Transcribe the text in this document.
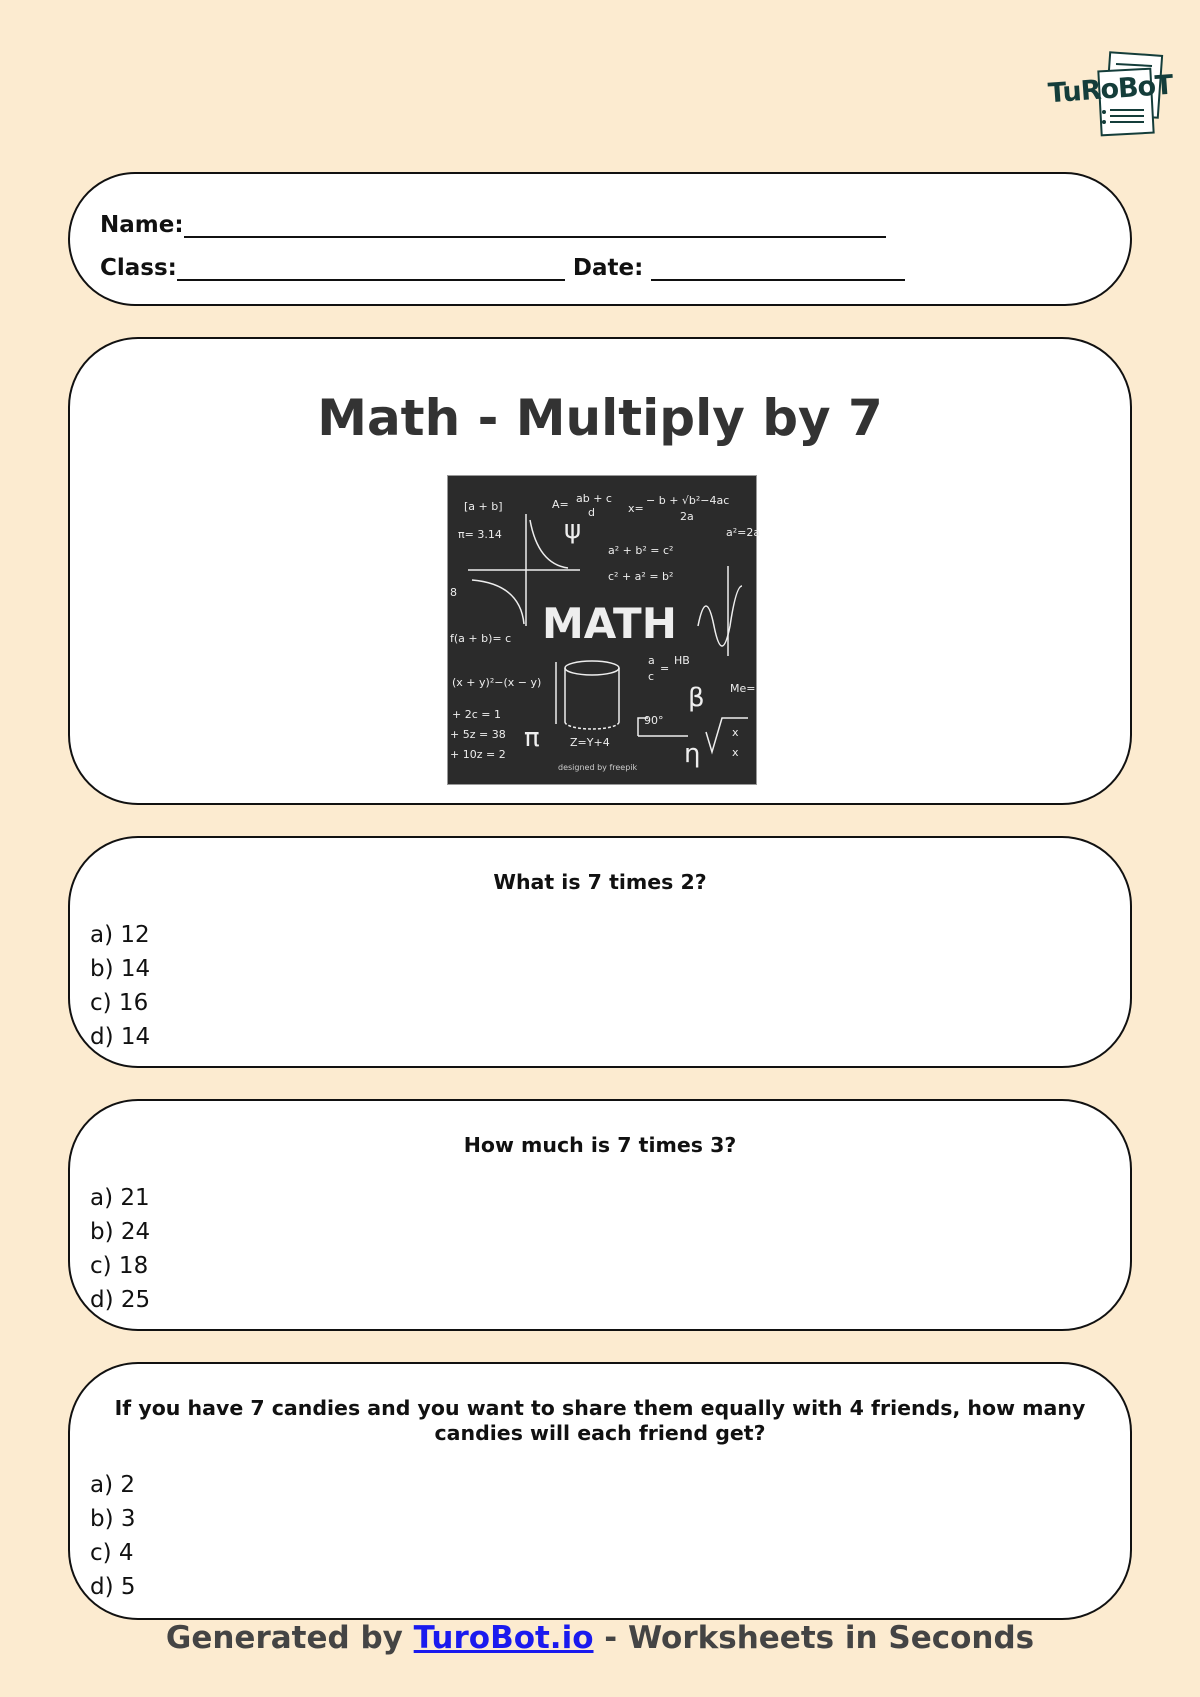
TuRoBoT
Name:
Class:	Date:
Math - Multiply by 7
[a + b]
π= 3.14
A= ab + c
d	x=
− b + √b²−4ac
2a
a²=2a
a² + b² = c²
c² + a² = b²
8
f(a + b)= c
(x + y)²−(x − y)
+ 2c = 1
+ 5z = 38
+ 10z = 2
a
c
=
HB
Me=
Z=Y+4
90°
x
x
π
β
η
ψ
MATH
designed by freepik
What is 7 times 2?
a) 12
b) 14
c) 16
d) 14
How much is 7 times 3?
a) 21
b) 24
c) 18
d) 25
If you have 7 candies and you want to share them equally with 4 friends, how many candies will each friend get?
a) 2
b) 3
c) 4
d) 5
Generated by TuroBot.io - Worksheets in Seconds
